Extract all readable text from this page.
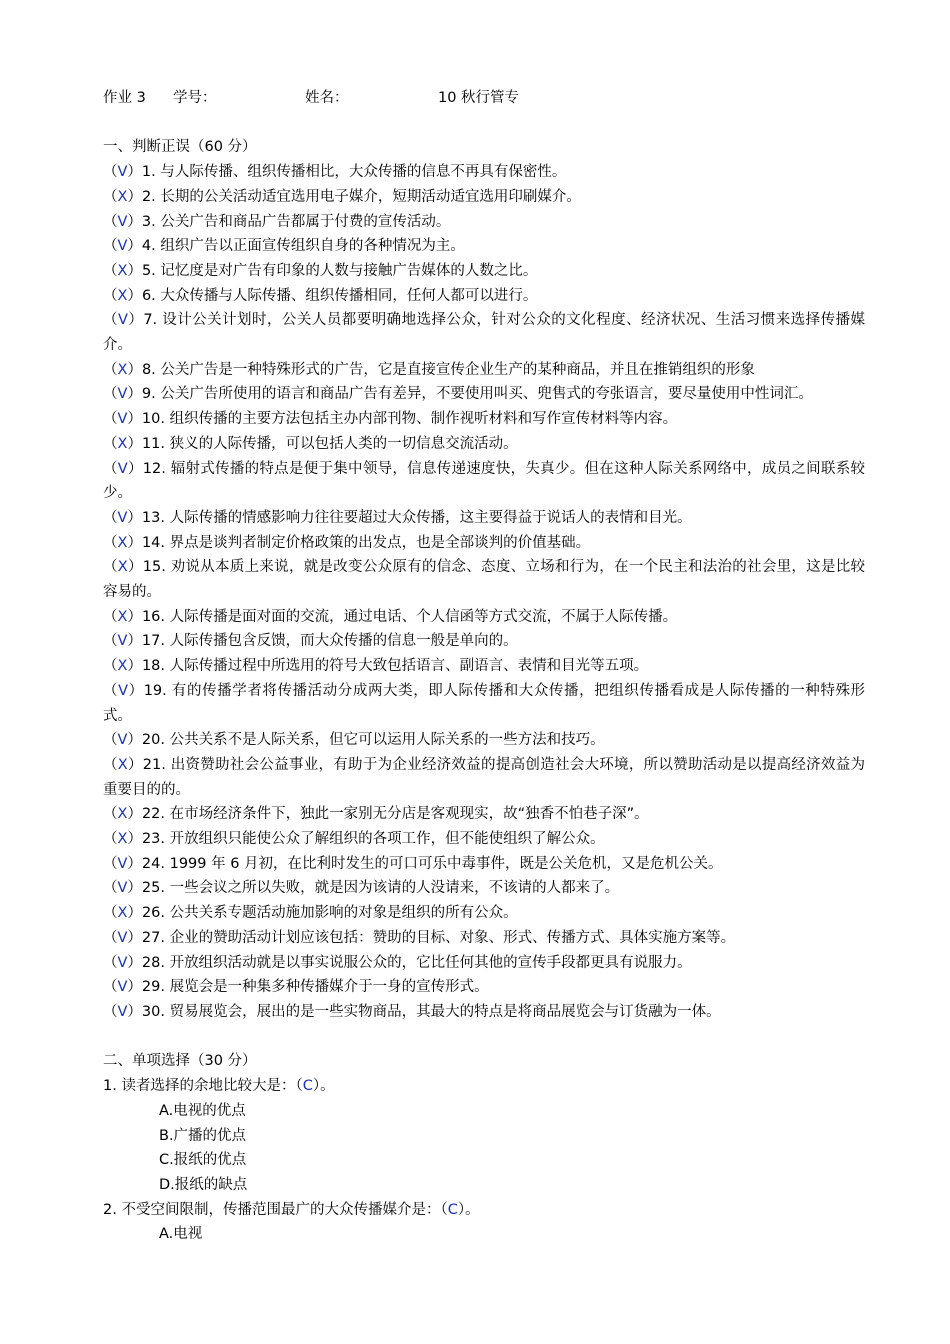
作业 3	学号：	姓名：	10 秋行管专
一、判断正误（60 分）
（V）1. 与人际传播、组织传播相比，大众传播的信息不再具有保密性。
（X）2. 长期的公关活动适宜选用电子媒介，短期活动适宜选用印刷媒介。
（V）3. 公关广告和商品广告都属于付费的宣传活动。
（V）4. 组织广告以正面宣传组织自身的各种情况为主。
（X）5. 记忆度是对广告有印象的人数与接触广告媒体的人数之比。
（X）6. 大众传播与人际传播、组织传播相同，任何人都可以进行。
（V）7. 设计公关计划时，公关人员都要明确地选择公众，针对公众的文化程度、经济状况、生活习惯来选择传播媒介。
（X）8. 公关广告是一种特殊形式的广告，它是直接宣传企业生产的某种商品，并且在推销组织的形象
（V）9. 公关广告所使用的语言和商品广告有差异，不要使用叫买、兜售式的夸张语言，要尽量使用中性词汇。
（V）10. 组织传播的主要方法包括主办内部刊物、制作视听材料和写作宣传材料等内容。
（X）11. 狭义的人际传播，可以包括人类的一切信息交流活动。
（V）12. 辐射式传播的特点是便于集中领导，信息传递速度快，失真少。但在这种人际关系网络中，成员之间联系较少。
（V）13. 人际传播的情感影响力往往要超过大众传播，这主要得益于说话人的表情和目光。
（X）14. 界点是谈判者制定价格政策的出发点，也是全部谈判的价值基础。
（X）15. 劝说从本质上来说，就是改变公众原有的信念、态度、立场和行为，在一个民主和法治的社会里，这是比较容易的。
（X）16. 人际传播是面对面的交流，通过电话、个人信函等方式交流，不属于人际传播。
（V）17. 人际传播包含反馈，而大众传播的信息一般是单向的。
（X）18. 人际传播过程中所选用的符号大致包括语言、副语言、表情和目光等五项。
（V）19. 有的传播学者将传播活动分成两大类，即人际传播和大众传播，把组织传播看成是人际传播的一种特殊形式。
（V）20. 公共关系不是人际关系，但它可以运用人际关系的一些方法和技巧。
（X）21. 出资赞助社会公益事业，有助于为企业经济效益的提高创造社会大环境，所以赞助活动是以提高经济效益为重要目的的。
（X）22. 在市场经济条件下，独此一家别无分店是客观现实，故“独香不怕巷子深”。
（X）23. 开放组织只能使公众了解组织的各项工作，但不能使组织了解公众。
（V）24. 1999 年 6 月初，在比利时发生的可口可乐中毒事件，既是公关危机，又是危机公关。
（V）25. 一些会议之所以失败，就是因为该请的人没请来，不该请的人都来了。
（X）26. 公共关系专题活动施加影响的对象是组织的所有公众。
（V）27. 企业的赞助活动计划应该包括：赞助的目标、对象、形式、传播方式、具体实施方案等。
（V）28. 开放组织活动就是以事实说服公众的，它比任何其他的宣传手段都更具有说服力。
（V）29. 展览会是一种集多种传播媒介于一身的宣传形式。
（V）30. 贸易展览会，展出的是一些实物商品，其最大的特点是将商品展览会与订货融为一体。
二、单项选择（30 分）
1. 读者选择的余地比较大是：（C）。
A.电视的优点
B.广播的优点
C.报纸的优点
D.报纸的缺点
2. 不受空间限制，传播范围最广的大众传播媒介是：（C）。
A.电视
